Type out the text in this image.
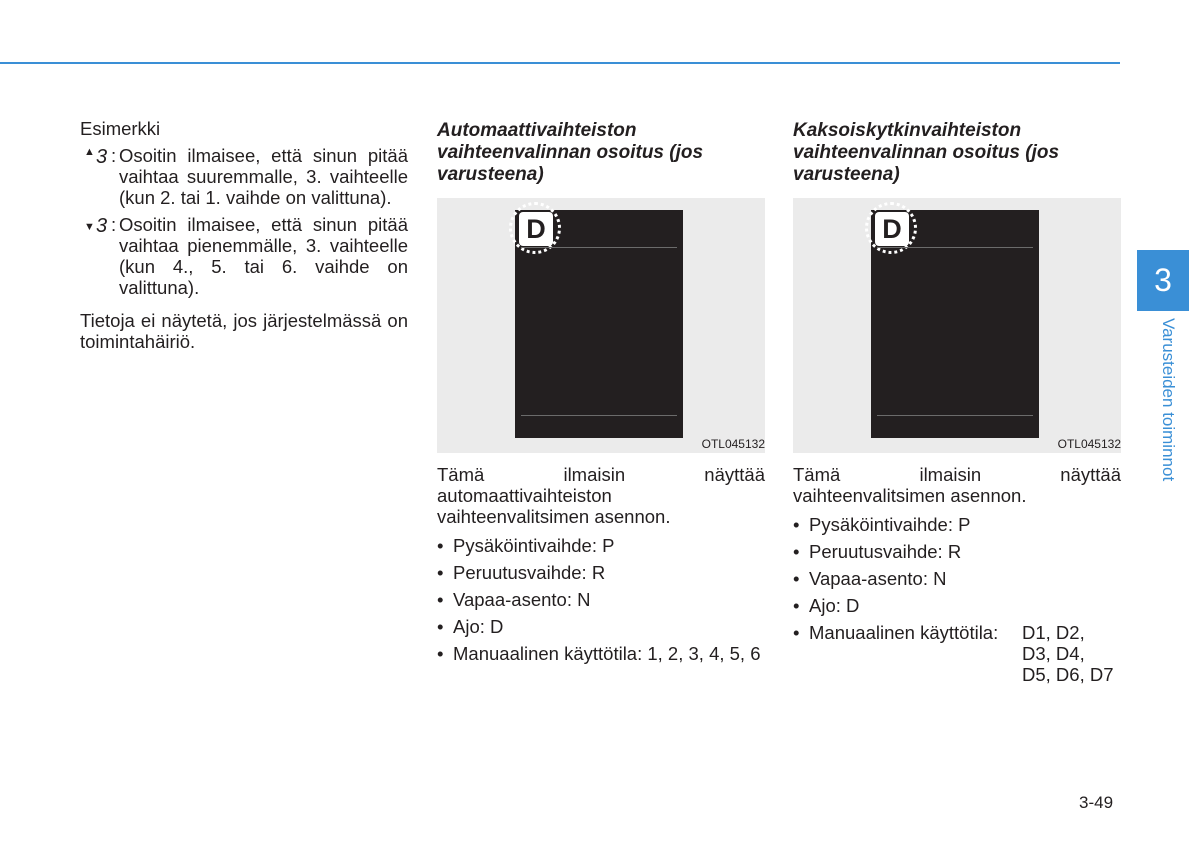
Esimerkki

▲ 3 : Osoitin ilmaisee, että sinun pitää vaihtaa suuremmalle, 3. vaihteelle (kun 2. tai 1. vaihde on valittuna).
▼ 3 : Osoitin ilmaisee, että sinun pitää vaihtaa pienemmälle, 3. vaihteelle (kun 4., 5. tai 6. vaihde on valittuna).

Tietoja ei näytetä, jos järjestelmässä on toimintahäiriö.

Automaattivaihteiston vaihteenvalinnan osoitus (jos varusteena)

D
OTL045132

Tämä ilmaisin näyttää automaattivaihteiston vaihteenvalitsimen asennon.

• Pysäköintivaihde: P
• Peruutusvaihde: R
• Vapaa-asento: N
• Ajo: D
• Manuaalinen käyttötila: 1, 2, 3, 4, 5, 6

Kaksoiskytkinvaihteiston vaihteenvalinnan osoitus (jos varusteena)

D
OTL045132

Tämä ilmaisin näyttää vaihteenvalitsimen asennon.

• Pysäköintivaihde: P
• Peruutusvaihde: R
• Vapaa-asento: N
• Ajo: D
• Manuaalinen käyttötila:	D1, D2,
D3, D4,
D5, D6, D7
3
Varusteiden toiminnot
3-49
